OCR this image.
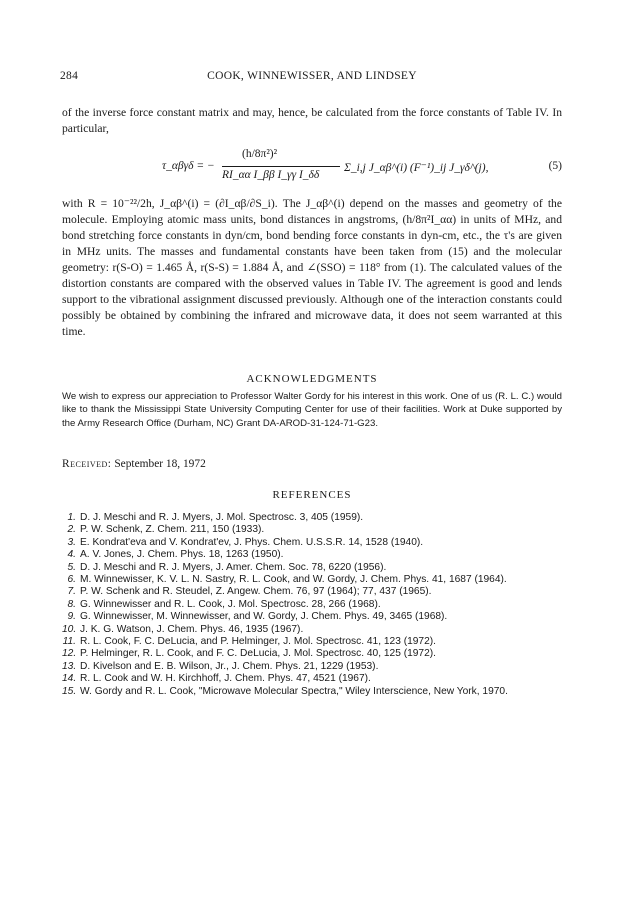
284	COOK, WINNEWISSER, AND LINDSEY

of the inverse force constant matrix and may, hence, be calculated from the force constants of Table IV. In particular,

τ_αβγδ = −
(h/8π²)²
RI_αα I_ββ I_γγ I_δδ
Σ_i,j J_αβ^(i) (F⁻¹)_ij J_γδ^(j),	(5)

with R = 10⁻²²/2h, J_αβ^(i) = (∂I_αβ/∂S_i). The J_αβ^(i) depend on the masses and geometry of the molecule. Employing atomic mass units, bond distances in angstroms, (h/8π²I_αα) in units of MHz, and bond stretching force constants in dyn/cm, bond bending force constants in dyn-cm, etc., the τ's are given in MHz units. The masses and fundamental constants have been taken from (15) and the molecular geometry: r(S-O) = 1.465 Å, r(S-S) = 1.884 Å, and ∠(SSO) = 118° from (1). The calculated values of the distortion constants are compared with the observed values in Table IV. The agreement is good and lends support to the vibrational assignment discussed previously. Although one of the interaction constants could possibly be obtained by combining the infrared and microwave data, it does not seem warranted at this time.

ACKNOWLEDGMENTS

We wish to express our appreciation to Professor Walter Gordy for his interest in this work. One of us (R. L. C.) would like to thank the Mississippi State University Computing Center for use of their facilities. Work at Duke supported by the Army Research Office (Durham, NC) Grant DA-AROD-31-124-71-G23.

Received: September 18, 1972
REFERENCES
1. D. J. Meschi and R. J. Myers, J. Mol. Spectrosc. 3, 405 (1959).
2. P. W. Schenk, Z. Chem. 211, 150 (1933).
3. E. Kondrat'eva and V. Kondrat'ev, J. Phys. Chem. U.S.S.R. 14, 1528 (1940).
4. A. V. Jones, J. Chem. Phys. 18, 1263 (1950).
5. D. J. Meschi and R. J. Myers, J. Amer. Chem. Soc. 78, 6220 (1956).
6. M. Winnewisser, K. V. L. N. Sastry, R. L. Cook, and W. Gordy, J. Chem. Phys. 41, 1687 (1964).
7. P. W. Schenk and R. Steudel, Z. Angew. Chem. 76, 97 (1964); 77, 437 (1965).
8. G. Winnewisser and R. L. Cook, J. Mol. Spectrosc. 28, 266 (1968).
9. G. Winnewisser, M. Winnewisser, and W. Gordy, J. Chem. Phys. 49, 3465 (1968).
10. J. K. G. Watson, J. Chem. Phys. 46, 1935 (1967).
11. R. L. Cook, F. C. DeLucia, and P. Helminger, J. Mol. Spectrosc. 41, 123 (1972).
12. P. Helminger, R. L. Cook, and F. C. DeLucia, J. Mol. Spectrosc. 40, 125 (1972).
13. D. Kivelson and E. B. Wilson, Jr., J. Chem. Phys. 21, 1229 (1953).
14. R. L. Cook and W. H. Kirchhoff, J. Chem. Phys. 47, 4521 (1967).
15. W. Gordy and R. L. Cook, "Microwave Molecular Spectra," Wiley Interscience, New York, 1970.
